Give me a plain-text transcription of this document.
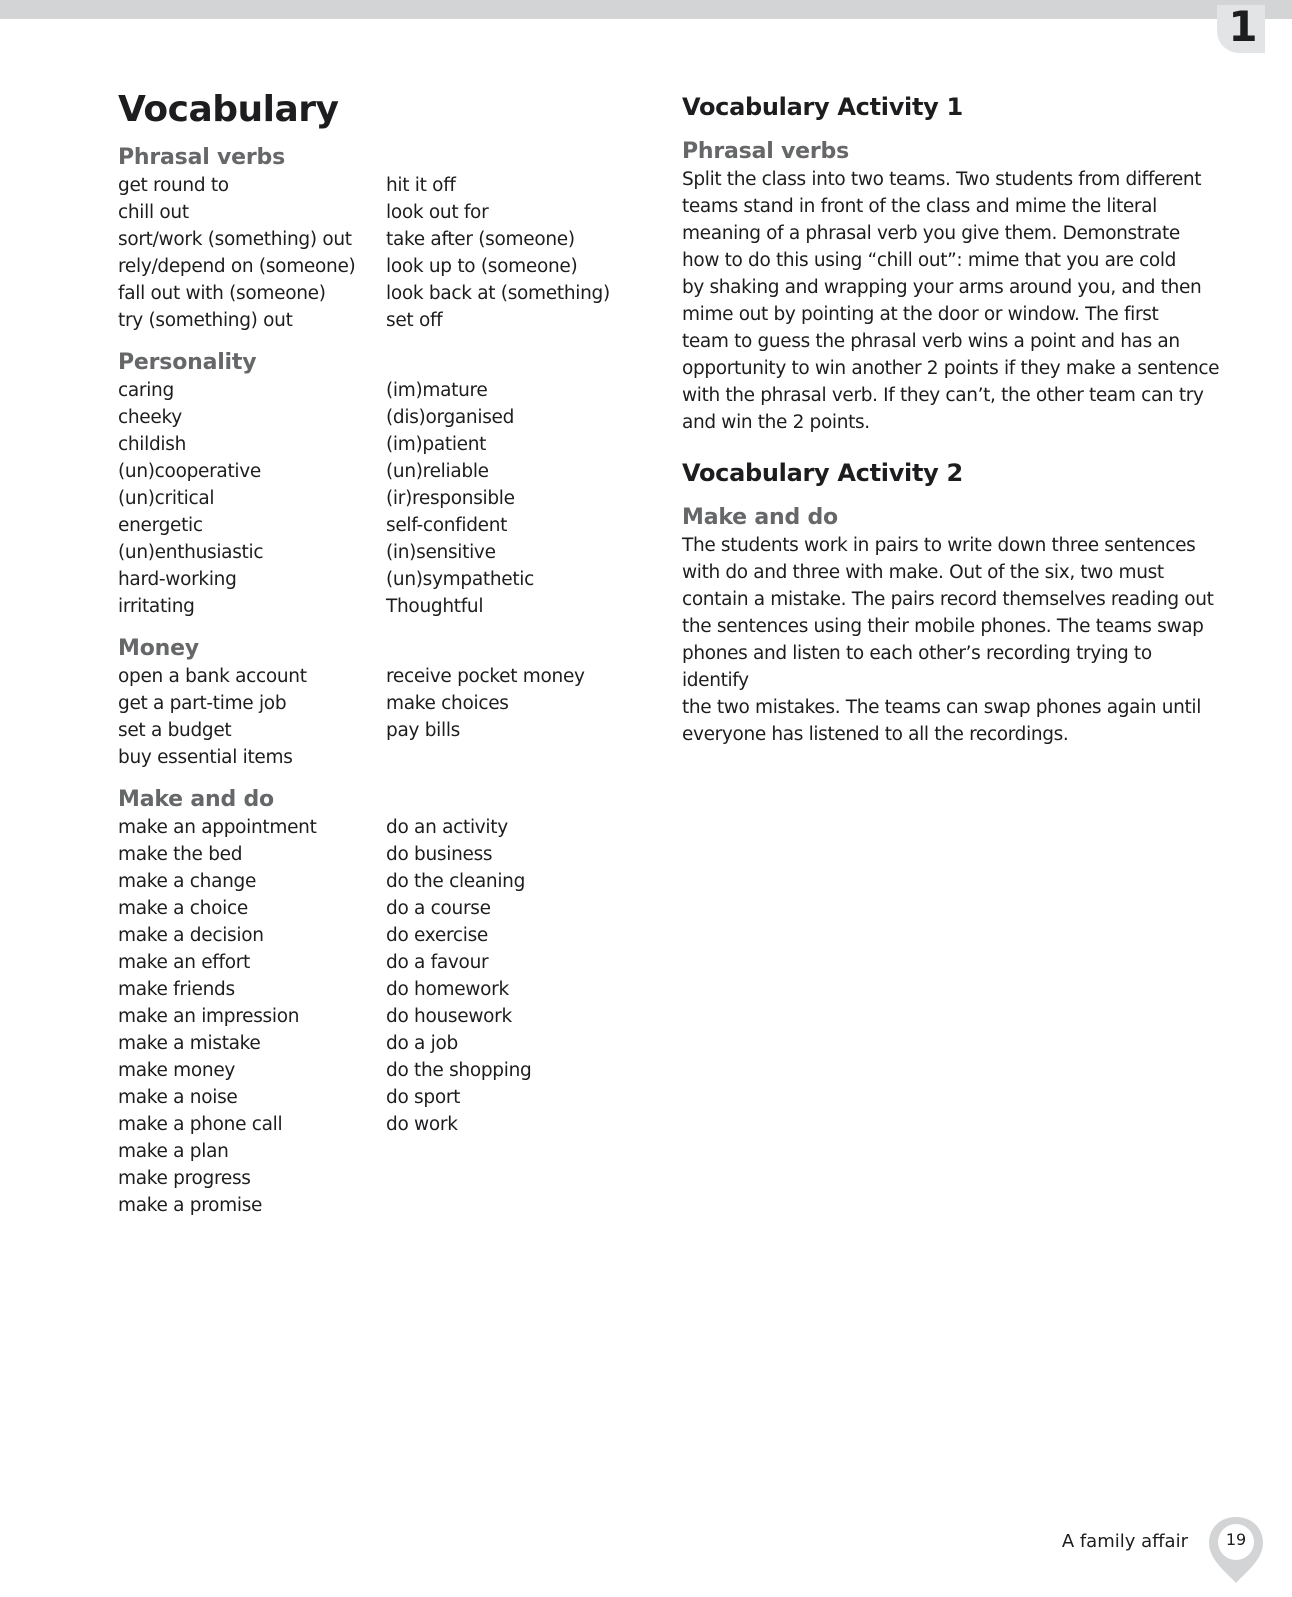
1
Vocabulary
Phrasal verbs
get round to	hit it off
chill out	look out for
sort/work (something) out	take after (someone)
rely/depend on (someone)	look up to (someone)
fall out with (someone)	look back at (something)
try (something) out	set off
Personality
caring	(im)mature
cheeky	(dis)organised
childish	(im)patient
(un)cooperative	(un)reliable
(un)critical	(ir)responsible
energetic	self-confident
(un)enthusiastic	(in)sensitive
hard-working	(un)sympathetic
irritating	Thoughtful
Money
open a bank account	receive pocket money
get a part-time job	make choices
set a budget	pay bills
buy essential items
Make and do
make an appointment	do an activity
make the bed	do business
make a change	do the cleaning
make a choice	do a course
make a decision	do exercise
make an effort	do a favour
make friends	do homework
make an impression	do housework
make a mistake	do a job
make money	do the shopping
make a noise	do sport
make a phone call	do work
make a plan
make progress
make a promise
Vocabulary Activity 1
Phrasal verbs
Split the class into two teams. Two students from different
teams stand in front of the class and mime the literal
meaning of a phrasal verb you give them. Demonstrate
how to do this using “chill out”: mime that you are cold
by shaking and wrapping your arms around you, and then
mime out by pointing at the door or window. The first
team to guess the phrasal verb wins a point and has an
opportunity to win another 2 points if they make a sentence
with the phrasal verb. If they can’t, the other team can try
and win the 2 points.
Vocabulary Activity 2
Make and do
The students work in pairs to write down three sentences
with do and three with make. Out of the six, two must
contain a mistake. The pairs record themselves reading out
the sentences using their mobile phones. The teams swap
phones and listen to each other’s recording trying to identify
the two mistakes. The teams can swap phones again until
everyone has listened to all the recordings.
A family affair 19
